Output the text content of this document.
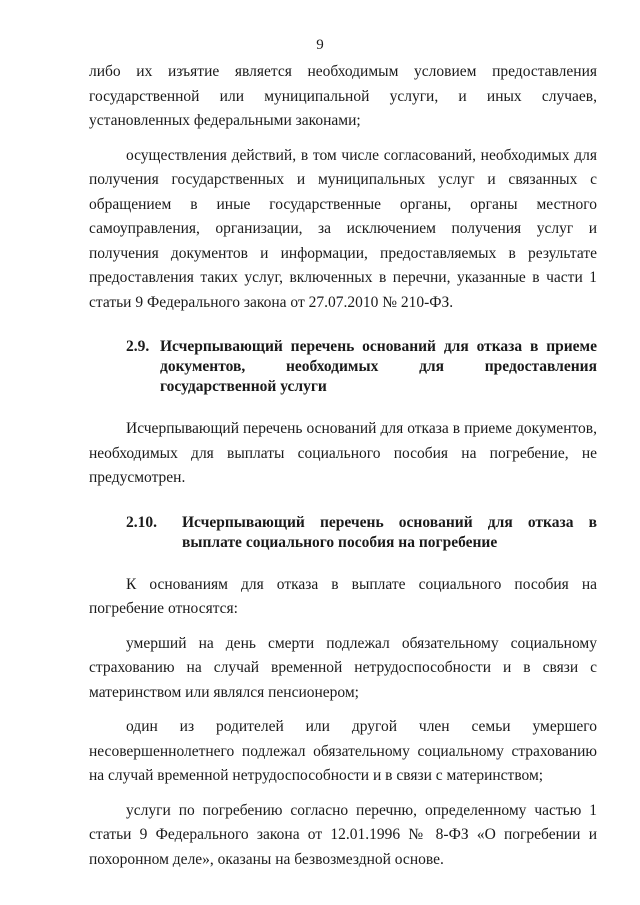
9

либо их изъятие является необходимым условием предоставления государственной или муниципальной услуги, и иных случаев, установленных федеральными законами;

осуществления действий, в том числе согласований, необходимых для получения государственных и муниципальных услуг и связанных с обращением в иные государственные органы, органы местного самоуправления, организации, за исключением получения услуг и получения документов и информации, предоставляемых в результате предоставления таких услуг, включенных в перечни, указанные в части 1 статьи 9 Федерального закона от 27.07.2010 № 210-ФЗ.

2.9. Исчерпывающий перечень оснований для отказа в приеме документов, необходимых для предоставления государственной услуги

Исчерпывающий перечень оснований для отказа в приеме документов, необходимых для выплаты социального пособия на погребение, не предусмотрен.

2.10.	Исчерпывающий перечень оснований для отказа в выплате социального пособия на погребение

К основаниям для отказа в выплате социального пособия на погребение относятся:

умерший на день смерти подлежал обязательному социальному страхованию на случай временной нетрудоспособности и в связи с материнством или являлся пенсионером;

один из родителей или другой член семьи умершего несовершеннолетнего подлежал обязательному социальному страхованию на случай временной нетрудоспособности и в связи с материнством;

услуги по погребению согласно перечню, определенному частью 1 статьи 9 Федерального закона от 12.01.1996 № 8-ФЗ «О погребении и похоронном деле», оказаны на безвозмездной основе.
